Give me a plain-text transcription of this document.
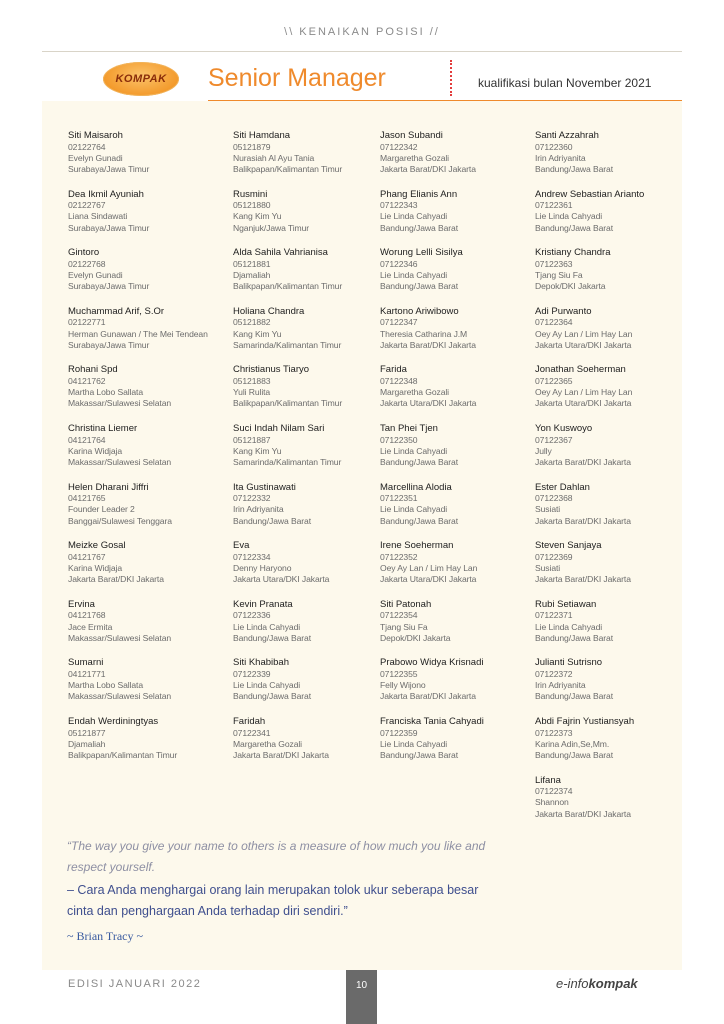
\\ KENAIKAN POSISI //
KOMPAK Senior Manager	kualifikasi bulan November 2021
Siti Maisaroh
02122764
Evelyn Gunadi
Surabaya/Jawa Timur
Dea Ikmil Ayuniah
02122767
Liana Sindawati
Surabaya/Jawa Timur
Gintoro
02122768
Evelyn Gunadi
Surabaya/Jawa Timur
Muchammad Arif, S.Or
02122771
Herman Gunawan / The Mei Tendean
Surabaya/Jawa Timur
Rohani Spd
04121762
Martha Lobo Sallata
Makassar/Sulawesi Selatan
Christina Liemer
04121764
Karina Widjaja
Makassar/Sulawesi Selatan
Helen Dharani Jiffri
04121765
Founder Leader 2
Banggai/Sulawesi Tenggara
Meizke Gosal
04121767
Karina Widjaja
Jakarta Barat/DKI Jakarta
Ervina
04121768
Jace Ermita
Makassar/Sulawesi Selatan
Sumarni
04121771
Martha Lobo Sallata
Makassar/Sulawesi Selatan
Endah Werdiningtyas
05121877
Djamaliah
Balikpapan/Kalimantan Timur
Siti Hamdana
05121879
Nurasiah Al Ayu Tania
Balikpapan/Kalimantan Timur
Rusmini
05121880
Kang Kim Yu
Nganjuk/Jawa Timur
Alda Sahila Vahrianisa
05121881
Djamaliah
Balikpapan/Kalimantan Timur
Holiana Chandra
05121882
Kang Kim Yu
Samarinda/Kalimantan Timur
Christianus Tiaryo
05121883
Yuli Rulita
Balikpapan/Kalimantan Timur
Suci Indah Nilam Sari
05121887
Kang Kim Yu
Samarinda/Kalimantan Timur
Ita Gustinawati
07122332
Irin Adriyanita
Bandung/Jawa Barat
Eva
07122334
Denny Haryono
Jakarta Utara/DKI Jakarta
Kevin Pranata
07122336
Lie Linda Cahyadi
Bandung/Jawa Barat
Siti Khabibah
07122339
Lie Linda Cahyadi
Bandung/Jawa Barat
Faridah
07122341
Margaretha Gozali
Jakarta Barat/DKI Jakarta
Jason Subandi
07122342
Margaretha Gozali
Jakarta Barat/DKI Jakarta
Phang Elianis Ann
07122343
Lie Linda Cahyadi
Bandung/Jawa Barat
Worung Lelli Sisilya
07122346
Lie Linda Cahyadi
Bandung/Jawa Barat
Kartono Ariwibowo
07122347
Theresia Catharina J.M
Jakarta Barat/DKI Jakarta
Farida
07122348
Margaretha Gozali
Jakarta Utara/DKI Jakarta
Tan Phei Tjen
07122350
Lie Linda Cahyadi
Bandung/Jawa Barat
Marcellina Alodia
07122351
Lie Linda Cahyadi
Bandung/Jawa Barat
Irene Soeherman
07122352
Oey Ay Lan / Lim Hay Lan
Jakarta Utara/DKI Jakarta
Siti Patonah
07122354
Tjang Siu Fa
Depok/DKI Jakarta
Prabowo Widya Krisnadi
07122355
Felly Wijono
Jakarta Barat/DKI Jakarta
Franciska Tania Cahyadi
07122359
Lie Linda Cahyadi
Bandung/Jawa Barat
Santi Azzahrah
07122360
Irin Adriyanita
Bandung/Jawa Barat
Andrew Sebastian Arianto
07122361
Lie Linda Cahyadi
Bandung/Jawa Barat
Kristiany Chandra
07122363
Tjang Siu Fa
Depok/DKI Jakarta
Adi Purwanto
07122364
Oey Ay Lan / Lim Hay Lan
Jakarta Utara/DKI Jakarta
Jonathan Soeherman
07122365
Oey Ay Lan / Lim Hay Lan
Jakarta Utara/DKI Jakarta
Yon Kuswoyo
07122367
Jully
Jakarta Barat/DKI Jakarta
Ester Dahlan
07122368
Susiati
Jakarta Barat/DKI Jakarta
Steven Sanjaya
07122369
Susiati
Jakarta Barat/DKI Jakarta
Rubi Setiawan
07122371
Lie Linda Cahyadi
Bandung/Jawa Barat
Julianti Sutrisno
07122372
Irin Adriyanita
Bandung/Jawa Barat
Abdi Fajrin Yustiansyah
07122373
Karina Adin,Se,Mm.
Bandung/Jawa Barat
Lifana
07122374
Shannon
Jakarta Barat/DKI Jakarta
“The way you give your name to others is a measure of how much you like and respect yourself.
– Cara Anda menghargai orang lain merupakan tolok ukur seberapa besar cinta dan penghargaan Anda terhadap diri sendiri.”
~ Brian Tracy ~
EDISI JANUARI 2022	10	e-infokompak
